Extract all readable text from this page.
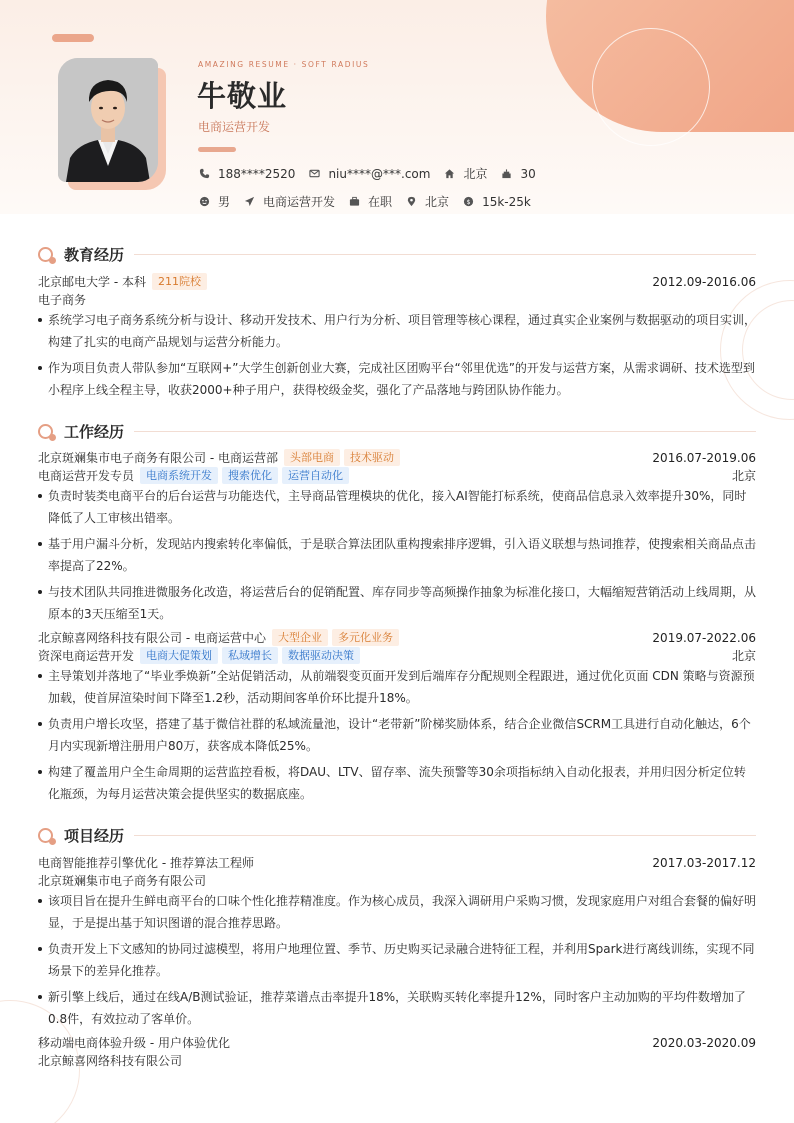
AMAZING RESUME · SOFT RADIUS
牛敬业
电商运营开发
188****2520	niu****@***.com	北京	30
男	电商运营开发	在职	北京 $ 15k-25k
教育经历
北京邮电大学 - 本科	211院校	2012.09-2016.06
电子商务
系统学习电子商务系统分析与设计、移动开发技术、用户行为分析、项目管理等核心课程，通过真实企业案例与数据驱动的项目实训，构建了扎实的电商产品规划与运营分析能力。
作为项目负责人带队参加“互联网+”大学生创新创业大赛，完成社区团购平台“邻里优选”的开发与运营方案，从需求调研、技术选型到小程序上线全程主导，收获2000+种子用户，获得校级金奖，强化了产品落地与跨团队协作能力。
工作经历
北京斑斓集市电子商务有限公司 - 电商运营部	头部电商	技术驱动	2016.07-2019.06
电商运营开发专员	电商系统开发	搜索优化	运营自动化	北京
负责时装类电商平台的后台运营与功能迭代，主导商品管理模块的优化，接入AI智能打标系统，使商品信息录入效率提升30%，同时降低了人工审核出错率。
基于用户漏斗分析，发现站内搜索转化率偏低，于是联合算法团队重构搜索排序逻辑，引入语义联想与热词推荐，使搜索相关商品点击率提高了22%。
与技术团队共同推进微服务化改造，将运营后台的促销配置、库存同步等高频操作抽象为标准化接口，大幅缩短营销活动上线周期，从原本的3天压缩至1天。
北京鲸喜网络科技有限公司 - 电商运营中心	大型企业	多元化业务	2019.07-2022.06
资深电商运营开发	电商大促策划	私域增长	数据驱动决策	北京
主导策划并落地了“毕业季焕新”全站促销活动，从前端裂变页面开发到后端库存分配规则全程跟进，通过优化页面 CDN 策略与资源预加载，使首屏渲染时间下降至1.2秒，活动期间客单价环比提升18%。
负责用户增长攻坚，搭建了基于微信社群的私域流量池，设计“老带新”阶梯奖励体系，结合企业微信SCRM工具进行自动化触达，6个月内实现新增注册用户80万，获客成本降低25%。
构建了覆盖用户全生命周期的运营监控看板，将DAU、LTV、留存率、流失预警等30余项指标纳入自动化报表，并用归因分析定位转化瓶颈，为每月运营决策会提供坚实的数据底座。
项目经历
电商智能推荐引擎优化 - 推荐算法工程师	2017.03-2017.12
北京斑斓集市电子商务有限公司
该项目旨在提升生鲜电商平台的口味个性化推荐精准度。作为核心成员，我深入调研用户采购习惯，发现家庭用户对组合套餐的偏好明显，于是提出基于知识图谱的混合推荐思路。
负责开发上下文感知的协同过滤模型，将用户地理位置、季节、历史购买记录融合进特征工程，并利用Spark进行离线训练，实现不同场景下的差异化推荐。
新引擎上线后，通过在线A/B测试验证，推荐菜谱点击率提升18%，关联购买转化率提升12%，同时客户主动加购的平均件数增加了0.8件，有效拉动了客单价。
移动端电商体验升级 - 用户体验优化	2020.03-2020.09
北京鲸喜网络科技有限公司
